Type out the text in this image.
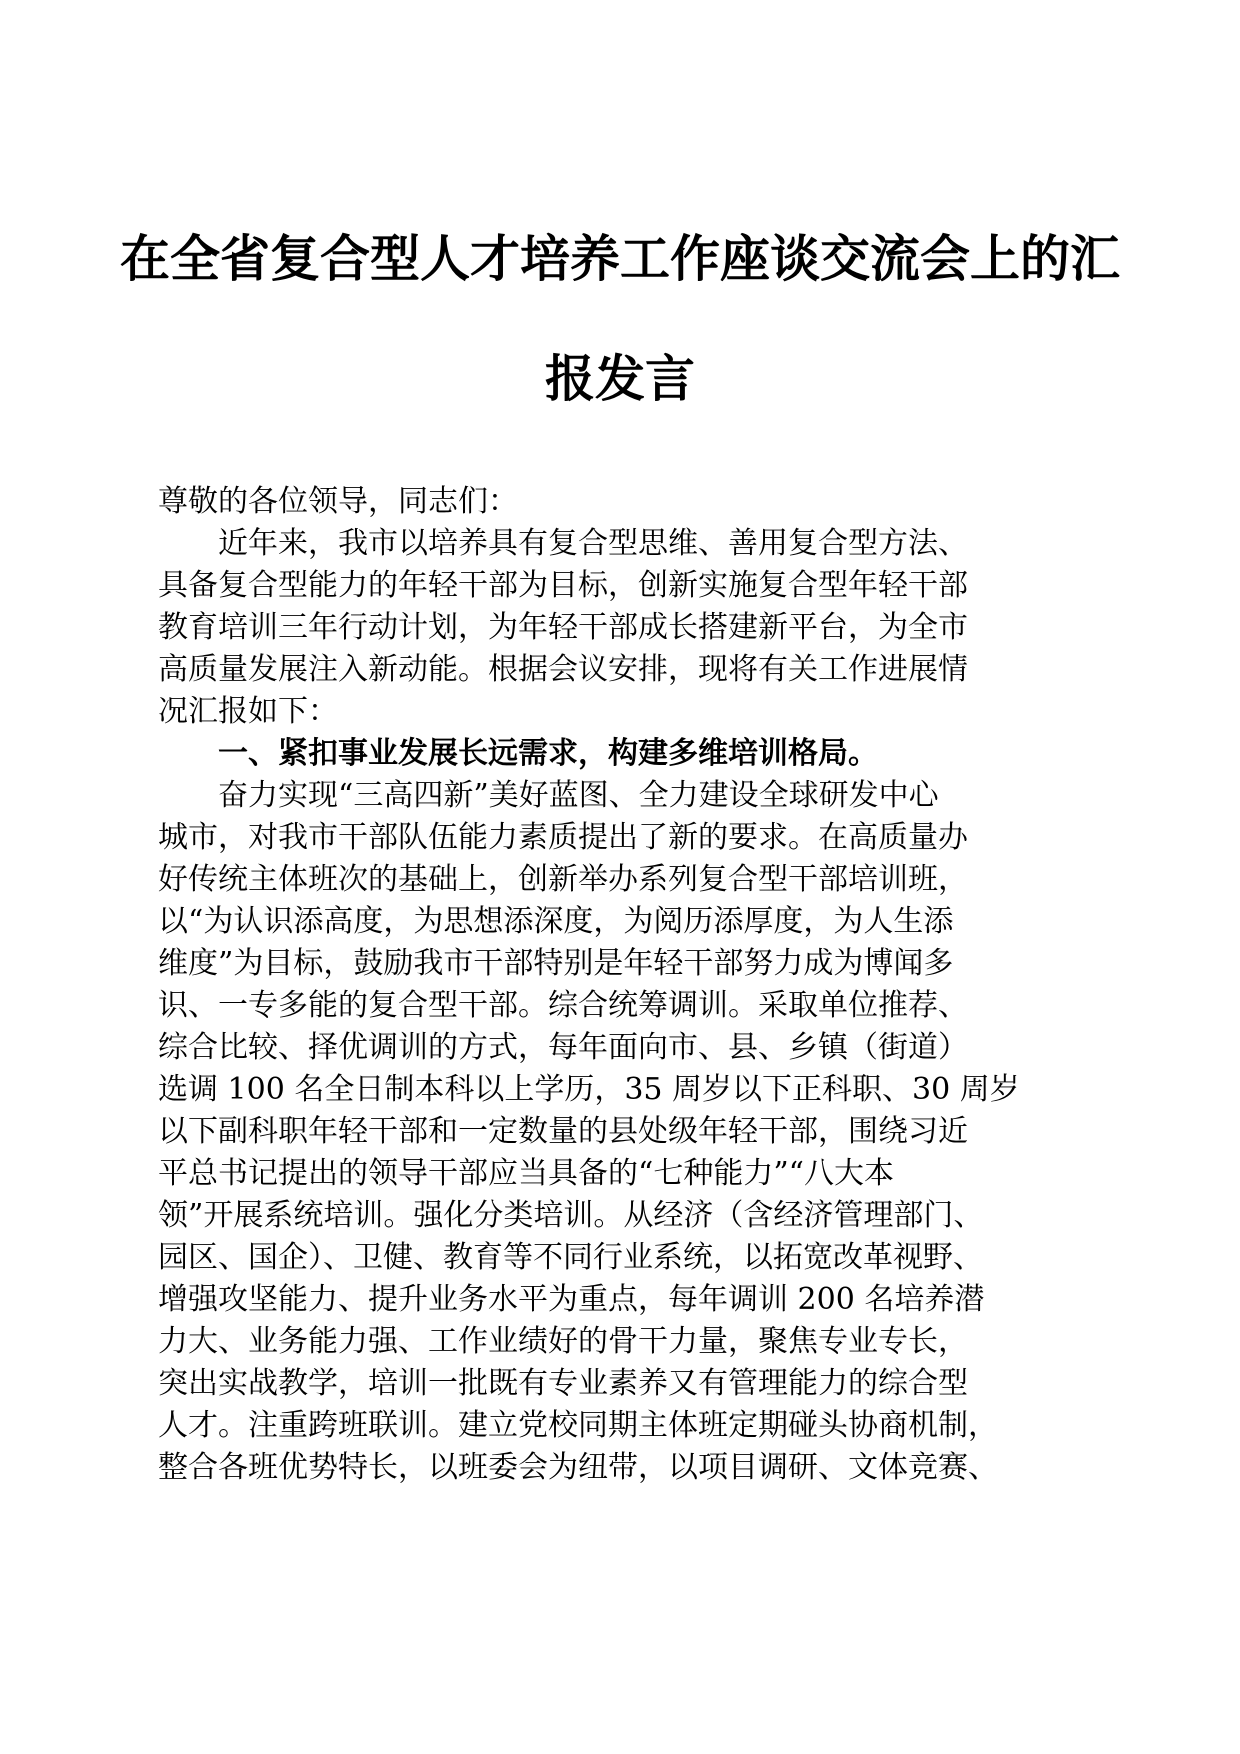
在全省复合型人才培养工作座谈交流会上的汇
报发言
尊敬的各位领导，同志们：
　　近年来，我市以培养具有复合型思维、善用复合型方法、
具备复合型能力的年轻干部为目标，创新实施复合型年轻干部
教育培训三年行动计划，为年轻干部成长搭建新平台，为全市
高质量发展注入新动能。根据会议安排，现将有关工作进展情
况汇报如下：
　　一、紧扣事业发展长远需求，构建多维培训格局。
　　奋力实现“三高四新”美好蓝图、全力建设全球研发中心
城市，对我市干部队伍能力素质提出了新的要求。在高质量办
好传统主体班次的基础上，创新举办系列复合型干部培训班，
以“为认识添高度，为思想添深度，为阅历添厚度，为人生添
维度”为目标，鼓励我市干部特别是年轻干部努力成为博闻多
识、一专多能的复合型干部。综合统筹调训。采取单位推荐、
综合比较、择优调训的方式，每年面向市、县、乡镇（街道）
选调 100 名全日制本科以上学历，35 周岁以下正科职、30 周岁
以下副科职年轻干部和一定数量的县处级年轻干部，围绕习近
平总书记提出的领导干部应当具备的“七种能力”“八大本
领”开展系统培训。强化分类培训。从经济（含经济管理部门、
园区、国企）、卫健、教育等不同行业系统，以拓宽改革视野、
增强攻坚能力、提升业务水平为重点，每年调训 200 名培养潜
力大、业务能力强、工作业绩好的骨干力量，聚焦专业专长，
突出实战教学，培训一批既有专业素养又有管理能力的综合型
人才。注重跨班联训。建立党校同期主体班定期碰头协商机制，
整合各班优势特长，以班委会为纽带，以项目调研、文体竞赛、
